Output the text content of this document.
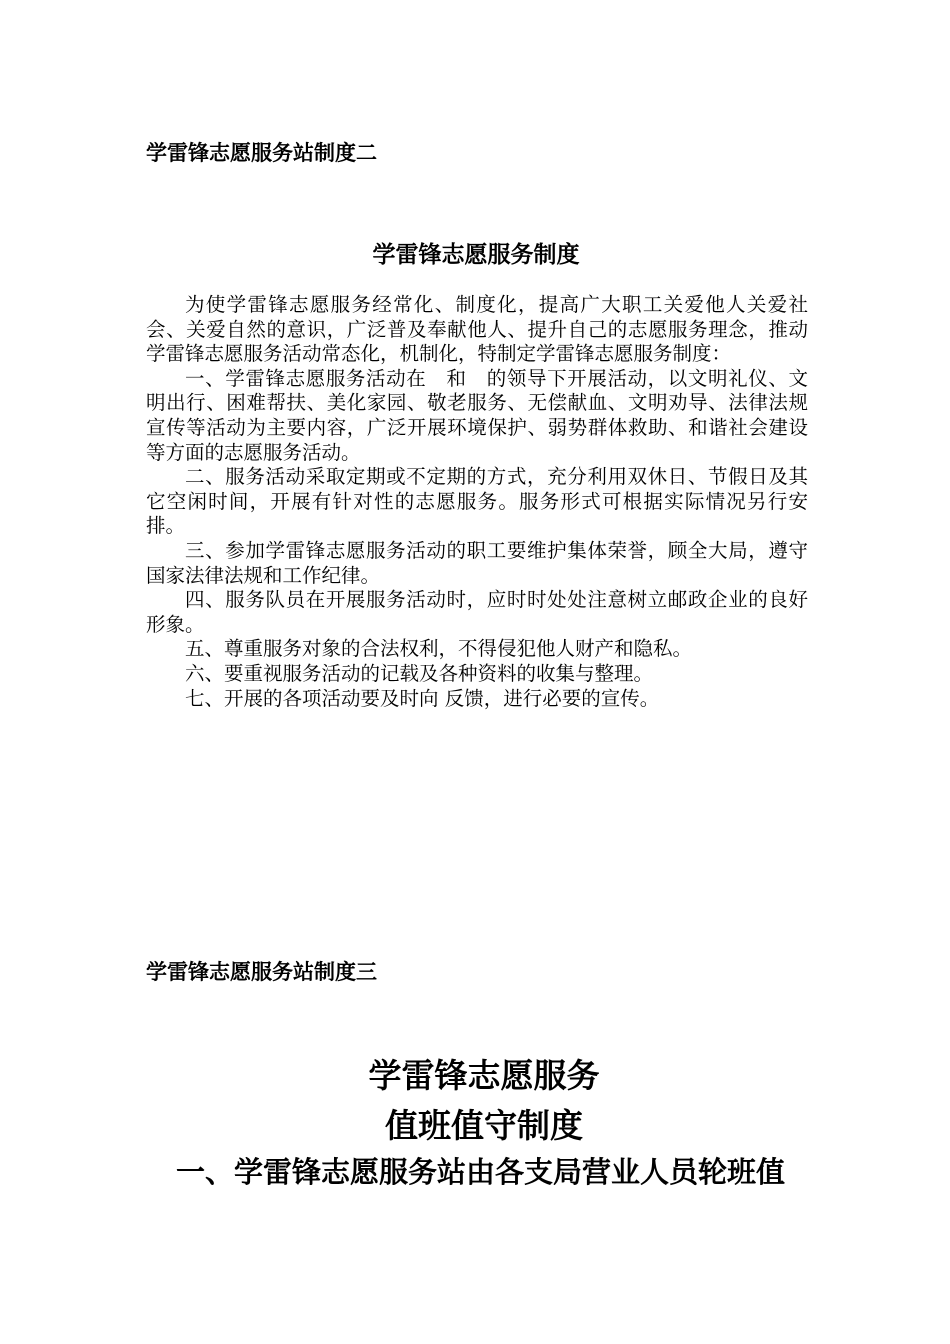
学雷锋志愿服务站制度二
学雷锋志愿服务制度

为使学雷锋志愿服务经常化、制度化，提高广大职工关爱他人关爱社会、关爱自然的意识，广泛普及奉献他人、提升自己的志愿服务理念，推动学雷锋志愿服务活动常态化，机制化，特制定学雷锋志愿服务制度：

一、学雷锋志愿服务活动在　和　的领导下开展活动，以文明礼仪、文明出行、困难帮扶、美化家园、敬老服务、无偿献血、文明劝导、法律法规宣传等活动为主要内容，广泛开展环境保护、弱势群体救助、和谐社会建设等方面的志愿服务活动。

二、服务活动采取定期或不定期的方式，充分利用双休日、节假日及其它空闲时间，开展有针对性的志愿服务。服务形式可根据实际情况另行安排。

三、参加学雷锋志愿服务活动的职工要维护集体荣誉，顾全大局，遵守国家法律法规和工作纪律。

四、服务队员在开展服务活动时，应时时处处注意树立邮政企业的良好形象。

五、尊重服务对象的合法权利，不得侵犯他人财产和隐私。

六、要重视服务活动的记载及各种资料的收集与整理。

七、开展的各项活动要及时向 反馈，进行必要的宣传。

学雷锋志愿服务站制度三
学雷锋志愿服务
值班值守制度
一、学雷锋志愿服务站由各支局营业人员轮班值
